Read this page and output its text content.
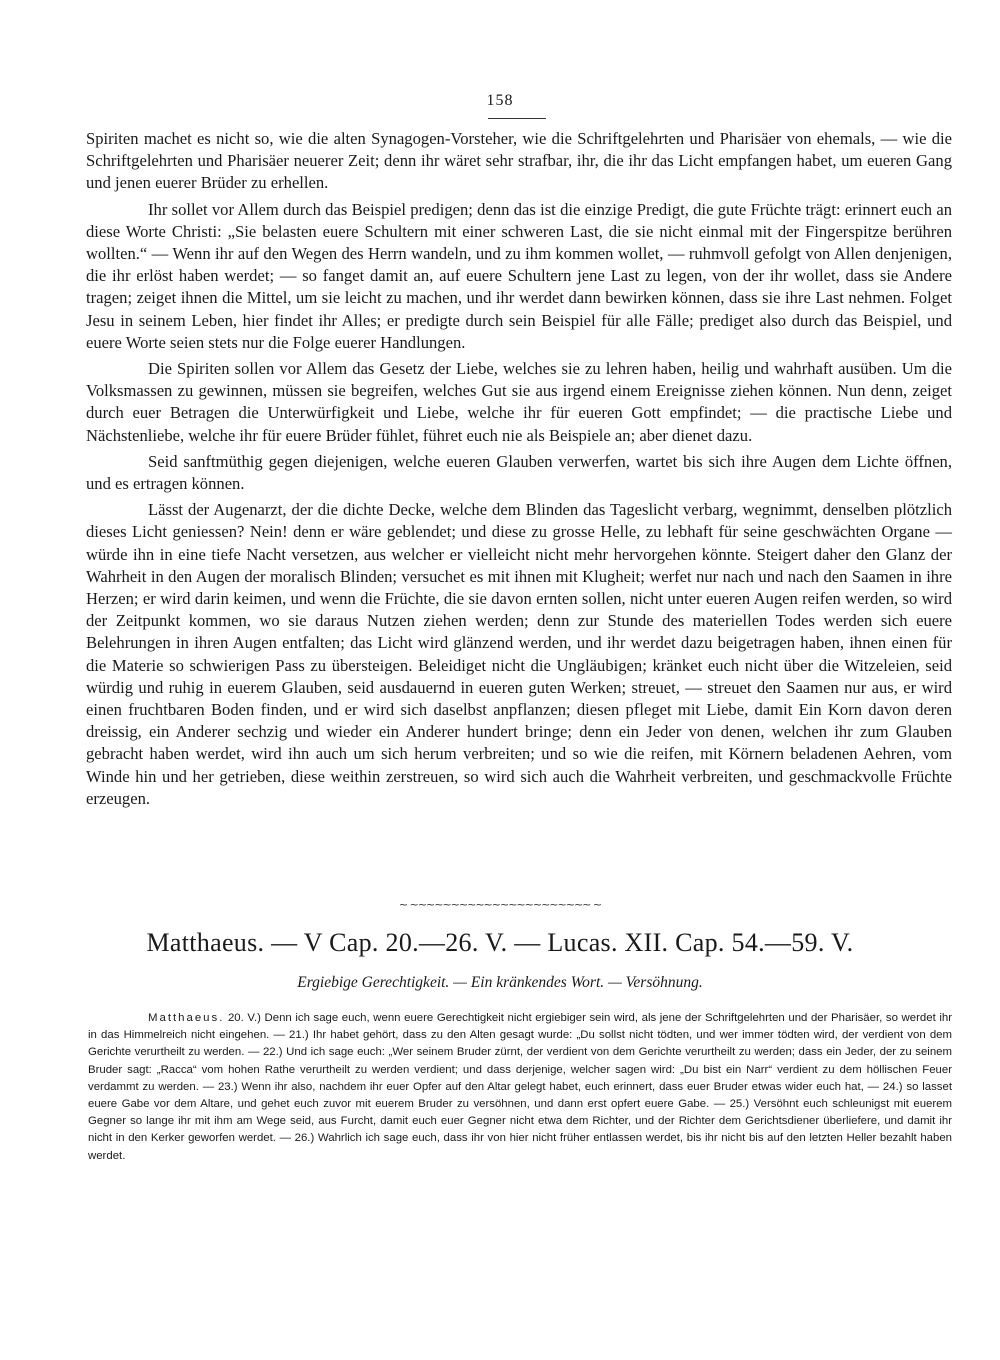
158

Spiriten machet es nicht so, wie die alten Synagogen-Vorsteher, wie die Schriftgelehrten und Pharisäer von ehemals, — wie die Schriftgelehrten und Pharisäer neuerer Zeit; denn ihr wäret sehr strafbar, ihr, die ihr das Licht empfangen habet, um eueren Gang und jenen euerer Brüder zu erhellen.

Ihr sollet vor Allem durch das Beispiel predigen; denn das ist die einzige Predigt, die gute Früchte trägt: erinnert euch an diese Worte Christi: „Sie belasten euere Schultern mit einer schweren Last, die sie nicht einmal mit der Fingerspitze berühren wollten.“ — Wenn ihr auf den Wegen des Herrn wandeln, und zu ihm kommen wollet, — ruhmvoll gefolgt von Allen denjenigen, die ihr erlöst haben werdet; — so fanget damit an, auf euere Schultern jene Last zu legen, von der ihr wollet, dass sie Andere tragen; zeiget ihnen die Mittel, um sie leicht zu machen, und ihr werdet dann bewirken können, dass sie ihre Last nehmen. Folget Jesu in seinem Leben, hier findet ihr Alles; er predigte durch sein Beispiel für alle Fälle; prediget also durch das Beispiel, und euere Worte seien stets nur die Folge euerer Handlungen.

Die Spiriten sollen vor Allem das Gesetz der Liebe, welches sie zu lehren haben, heilig und wahrhaft ausüben. Um die Volksmassen zu gewinnen, müssen sie begreifen, welches Gut sie aus irgend einem Ereignisse ziehen können. Nun denn, zeiget durch euer Betragen die Unterwürfigkeit und Liebe, welche ihr für eueren Gott empfindet; — die practische Liebe und Nächstenliebe, welche ihr für euere Brüder fühlet, führet euch nie als Beispiele an; aber dienet dazu.

Seid sanftmüthig gegen diejenigen, welche eueren Glauben verwerfen, wartet bis sich ihre Augen dem Lichte öffnen, und es ertragen können.

Lässt der Augenarzt, der die dichte Decke, welche dem Blinden das Tageslicht verbarg, wegnimmt, denselben plötzlich dieses Licht geniessen? Nein! denn er wäre geblendet; und diese zu grosse Helle, zu lebhaft für seine geschwächten Organe — würde ihn in eine tiefe Nacht versetzen, aus welcher er vielleicht nicht mehr hervorgehen könnte. Steigert daher den Glanz der Wahrheit in den Augen der moralisch Blinden; versuchet es mit ihnen mit Klugheit; werfet nur nach und nach den Saamen in ihre Herzen; er wird darin keimen, und wenn die Früchte, die sie davon ernten sollen, nicht unter eueren Augen reifen werden, so wird der Zeitpunkt kommen, wo sie daraus Nutzen ziehen werden; denn zur Stunde des materiellen Todes werden sich euere Belehrungen in ihren Augen entfalten; das Licht wird glänzend werden, und ihr werdet dazu beigetragen haben, ihnen einen für die Materie so schwierigen Pass zu übersteigen. Beleidiget nicht die Ungläubigen; kränket euch nicht über die Witzeleien, seid würdig und ruhig in euerem Glauben, seid ausdauernd in eueren guten Werken; streuet, — streuet den Saamen nur aus, er wird einen fruchtbaren Boden finden, und er wird sich daselbst anpflanzen; diesen pfleget mit Liebe, damit Ein Korn davon deren dreissig, ein Anderer sechzig und wieder ein Anderer hundert bringe; denn ein Jeder von denen, welchen ihr zum Glauben gebracht haben werdet, wird ihn auch um sich herum verbreiten; und so wie die reifen, mit Körnern beladenen Aehren, vom Winde hin und her getrieben, diese weithin zerstreuen, so wird sich auch die Wahrheit verbreiten, und geschmackvolle Früchte erzeugen.

~ ~~~~~~~~~~~~~~~~~~~~~~ ~
Matthaeus. — V Cap. 20.—26. V. — Lucas. XII. Cap. 54.—59. V.
Ergiebige Gerechtigkeit. — Ein kränkendes Wort. — Versöhnung.
Matthaeus. 20. V.) Denn ich sage euch, wenn euere Gerechtigkeit nicht ergiebiger sein wird, als jene der Schriftgelehrten und der Pharisäer, so werdet ihr in das Himmelreich nicht eingehen. — 21.) Ihr habet gehört, dass zu den Alten gesagt wurde: „Du sollst nicht tödten, und wer immer tödten wird, der verdient von dem Gerichte verurtheilt zu werden. — 22.) Und ich sage euch: „Wer seinem Bruder zürnt, der verdient von dem Gerichte verurtheilt zu werden; dass ein Jeder, der zu seinem Bruder sagt: „Racca“ vom hohen Rathe verurtheilt zu werden verdient; und dass derjenige, welcher sagen wird: „Du bist ein Narr“ verdient zu dem höllischen Feuer verdammt zu werden. — 23.) Wenn ihr also, nachdem ihr euer Opfer auf den Altar gelegt habet, euch erinnert, dass euer Bruder etwas wider euch hat, — 24.) so lasset euere Gabe vor dem Altare, und gehet euch zuvor mit euerem Bruder zu versöhnen, und dann erst opfert euere Gabe. — 25.) Versöhnt euch schleunigst mit euerem Gegner so lange ihr mit ihm am Wege seid, aus Furcht, damit euch euer Gegner nicht etwa dem Richter, und der Richter dem Gerichtsdiener überliefere, und damit ihr nicht in den Kerker geworfen werdet. — 26.) Wahrlich ich sage euch, dass ihr von hier nicht früher entlassen werdet, bis ihr nicht bis auf den letzten Heller bezahlt haben werdet.
